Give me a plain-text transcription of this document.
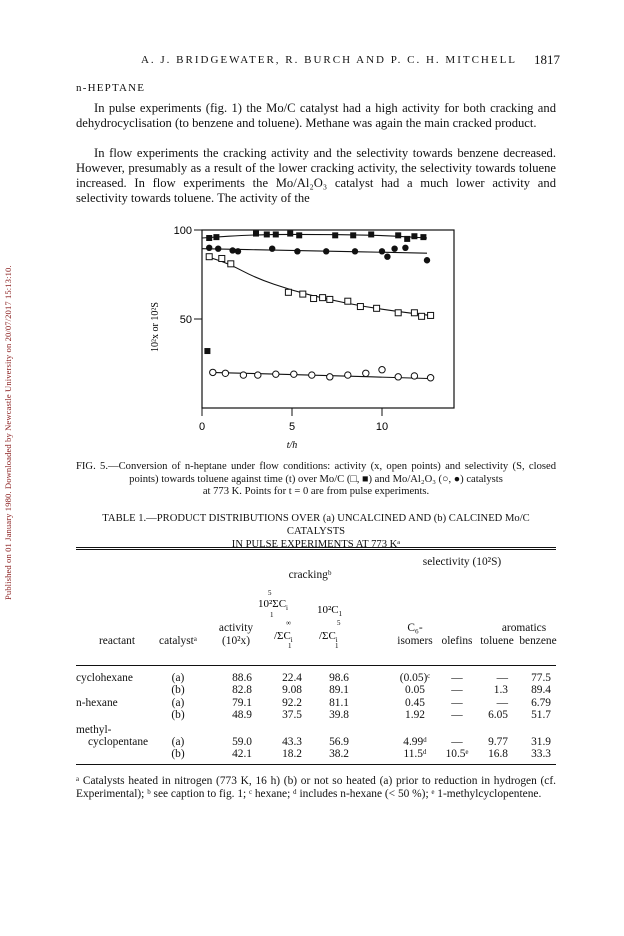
Published on 01 January 1980. Downloaded by Newcastle University on 20/07/2017 15:13:10.
A. J. BRIDGEWATER, R. BURCH AND P. C. H. MITCHELL	1817
n-HEPTANE

In pulse experiments (fig. 1) the Mo/C catalyst had a high activity for both cracking and dehydrocyclisation (to benzene and toluene). Methane was again the main cracked product.

In flow experiments the cracking activity and the selectivity towards benzene decreased. However, presumably as a result of the lower cracking activity, the selectivity towards toluene increased. In flow experiments the Mo/Al₂O₃ catalyst had a much lower activity and selectivity towards toluene. The activity of the

0	5	10
50
100
t/h
10²x or 10²S
FIG. 5.—Conversion of n-heptane under flow conditions: activity (x, open points) and selectivity (S, closed points) towards toluene against time (t) over Mo/C (□, ■) and Mo/Al₂O₃ (○, ●) catalysts
at 773 K. Points for t = 0 are from pulse experiments.
TABLE 1.—PRODUCT DISTRIBUTIONS OVER (a) UNCALCINED AND (b) CALCINED Mo/C CATALYSTS
IN PULSE EXPERIMENTS AT 773 Kᵃ
selectivity (10²S)
crackingᵇ
5
$10^2\Sigma C_i$
1
∞
$/\Sigma C_i$
1
$10^2C_1$
5
$/\Sigma C_i$
1
C₆-	aromatics
activity
(10²x)
reactant catalystᵃ	isomers olefins toluene benzene
cyclohexane	(a)	88.6	22.4 98.6	(0.05)ᶜ —	— 77.5
(b)	82.8	9.08 89.1	0.05 —	1.3 89.4
n-hexane	(a)	79.1	92.2 81.1	0.45 —	— 6.79
(b)	48.9	37.5 39.8	1.92 — 6.05 51.7
methyl-
cyclopentane (a)	59.0	43.3 56.9	4.99ᵈ — 9.77 31.9
(b)	42.1	18.2 38.2	11.5ᵈ 10.5ᵉ 16.8 33.3
ᵃ Catalysts heated in nitrogen (773 K, 16 h) (b) or not so heated (a) prior to reduction in hydrogen (cf. Experimental); ᵇ see caption to fig. 1; ᶜ hexane; ᵈ includes n-hexane (< 50 %); ᵉ 1-methylcyclopentene.
